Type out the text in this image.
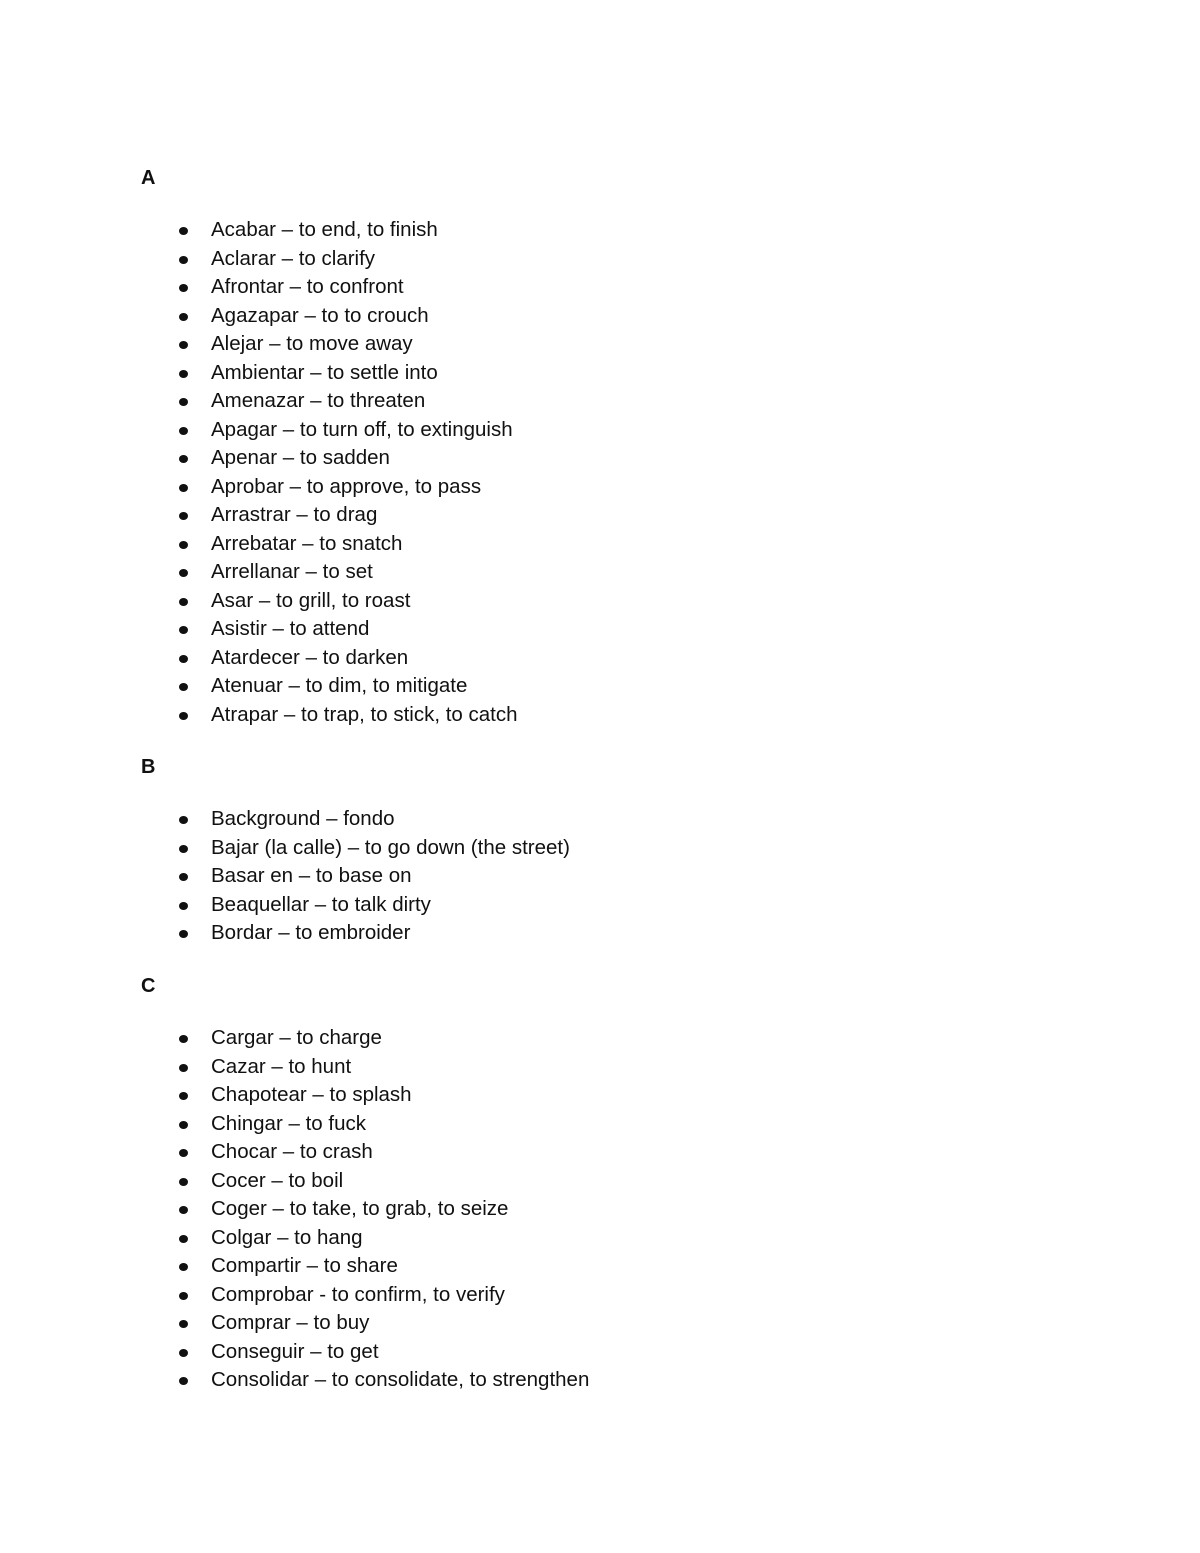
A
Acabar – to end, to finish
Aclarar – to clarify
Afrontar – to confront
Agazapar – to to crouch
Alejar – to move away
Ambientar – to settle into
Amenazar – to threaten
Apagar – to turn off, to extinguish
Apenar – to sadden
Aprobar – to approve, to pass
Arrastrar – to drag
Arrebatar – to snatch
Arrellanar – to set
Asar – to grill, to roast
Asistir – to attend
Atardecer – to darken
Atenuar – to dim, to mitigate
Atrapar – to trap, to stick, to catch
B
Background – fondo
Bajar (la calle) – to go down (the street)
Basar en – to base on
Beaquellar – to talk dirty
Bordar – to embroider
C
Cargar – to charge
Cazar – to hunt
Chapotear – to splash
Chingar – to fuck
Chocar – to crash
Cocer – to boil
Coger – to take, to grab, to seize
Colgar – to hang
Compartir – to share
Comprobar - to confirm, to verify
Comprar – to buy
Conseguir – to get
Consolidar – to consolidate, to strengthen
